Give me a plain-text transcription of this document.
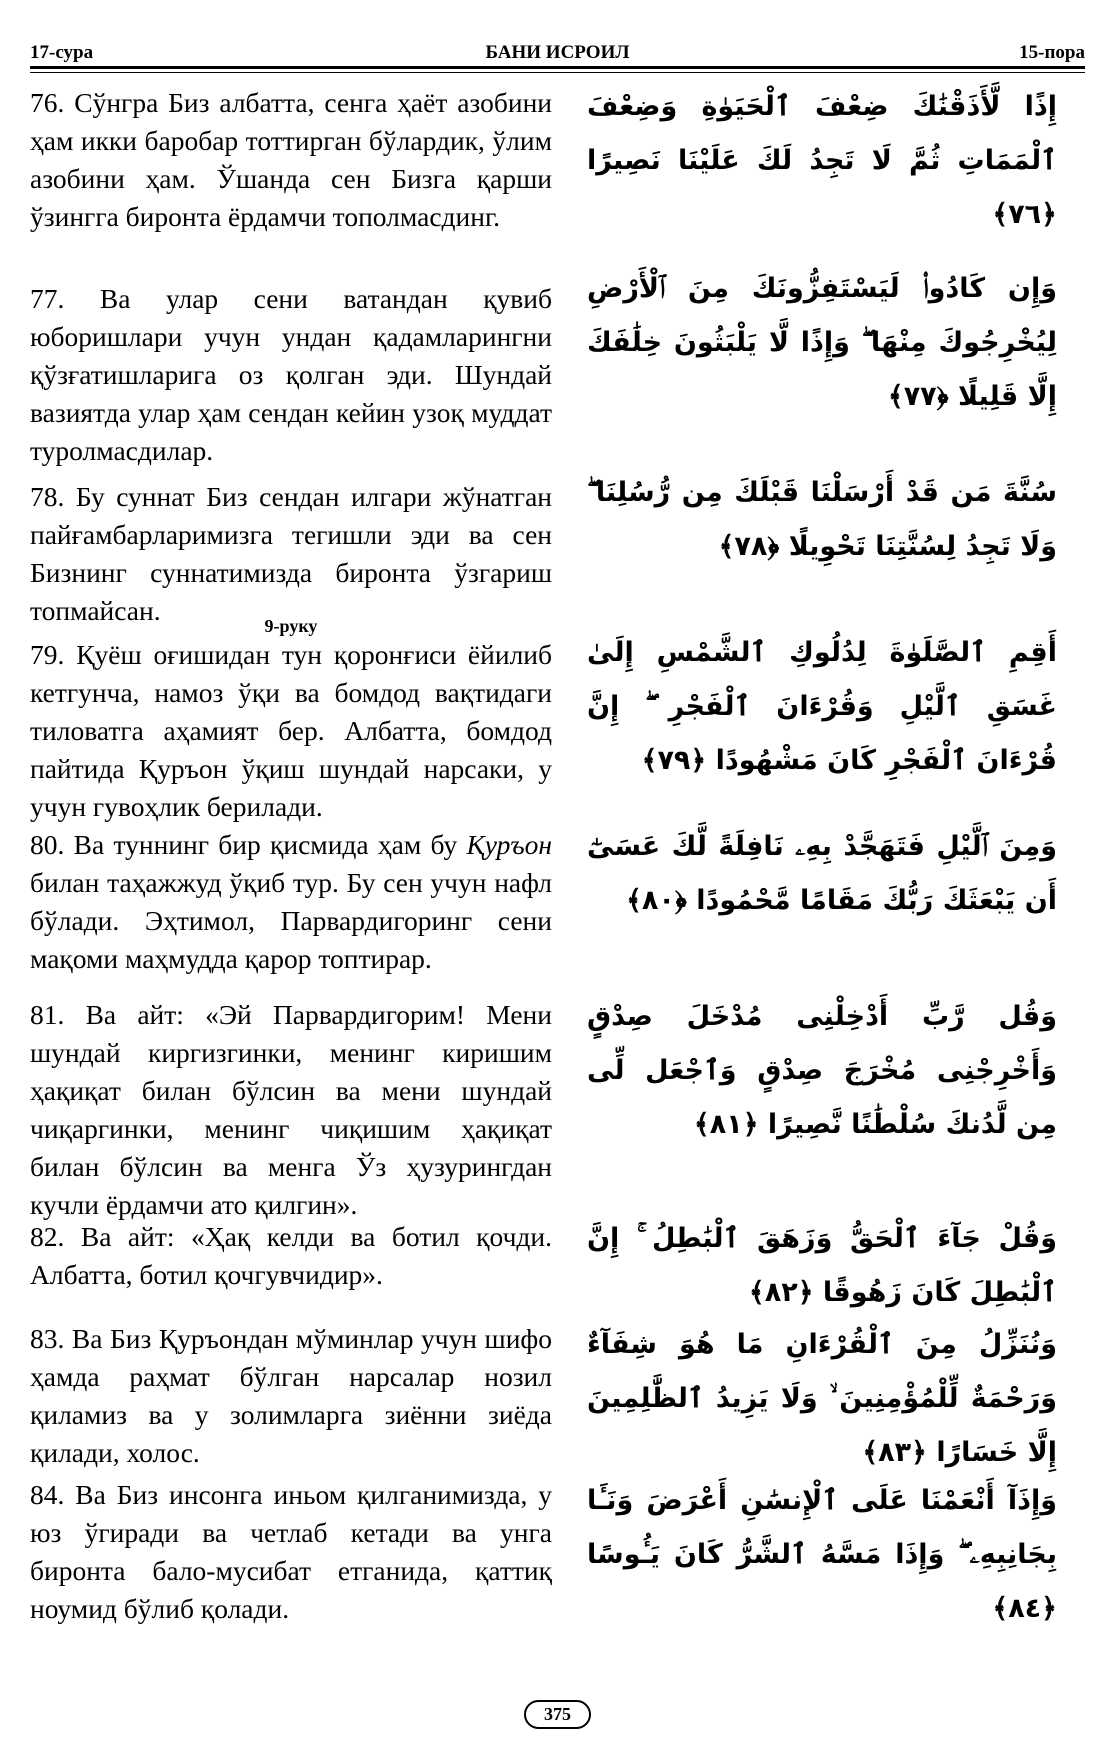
17-сура	БАНИ ИСРОИЛ	15-пора

76. Сўнгра Биз албатта, сенга ҳаёт азобини ҳам икки баробар тоттирган бўлардик, ўлим азобини ҳам. Ўшанда сен Бизга қарши ўзингга биронта ёрдамчи тополмасдинг.

إِذًا لَّأَذَقْنَٰكَ ضِعْفَ ٱلْحَيَوٰةِ وَضِعْفَ ٱلْمَمَاتِ ثُمَّ لَا تَجِدُ لَكَ عَلَيْنَا نَصِيرًا ﴿٧٦﴾

77. Ва улар сени ватандан қувиб юборишлари учун ундан қадамларингни қўзғатишларига оз қолган эди. Шундай вазиятда улар ҳам сендан кейин узоқ муддат туролмасдилар.

وَإِن كَادُوا۟ لَيَسْتَفِزُّونَكَ مِنَ ٱلْأَرْضِ لِيُخْرِجُوكَ مِنْهَا ۖ وَإِذًا لَّا يَلْبَثُونَ خِلَٰفَكَ إِلَّا قَلِيلًا ﴿٧٧﴾

78. Бу суннат Биз сендан илгари жўнатган пайғамбарларимизга тегишли эди ва сен Бизнинг суннатимизда биронта ўзгариш топмайсан.

سُنَّةَ مَن قَدْ أَرْسَلْنَا قَبْلَكَ مِن رُّسُلِنَا ۖ وَلَا تَجِدُ لِسُنَّتِنَا تَحْوِيلًا ﴿٧٨﴾

9-руку

79. Қуёш оғишидан тун қоронғиси ёйилиб кетгунча, намоз ўқи ва бомдод вақтидаги тиловатга аҳамият бер. Албатта, бомдод пайтида Қуръон ўқиш шундай нарсаки, у учун гувоҳлик берилади.

أَقِمِ ٱلصَّلَوٰةَ لِدُلُوكِ ٱلشَّمْسِ إِلَىٰ غَسَقِ ٱلَّيْلِ وَقُرْءَانَ ٱلْفَجْرِ ۖ إِنَّ قُرْءَانَ ٱلْفَجْرِ كَانَ مَشْهُودًا ﴿٧٩﴾

80. Ва туннинг бир қисмида ҳам бу Қуръон билан таҳажжуд ўқиб тур. Бу сен учун нафл бўлади. Эҳтимол, Парвардигоринг сени мақоми маҳмудда қарор топтирар.

وَمِنَ ٱلَّيْلِ فَتَهَجَّدْ بِهِۦ نَافِلَةً لَّكَ عَسَىٰٓ أَن يَبْعَثَكَ رَبُّكَ مَقَامًا مَّحْمُودًا ﴿٨٠﴾

81. Ва айт: «Эй Парвардигорим! Мени шундай киргизгинки, менинг киришим ҳақиқат билан бўлсин ва мени шундай чиқаргинки, менинг чиқишим ҳақиқат билан бўлсин ва менга Ўз ҳузурингдан кучли ёрдамчи ато қилгин».

وَقُل رَّبِّ أَدْخِلْنِى مُدْخَلَ صِدْقٍ وَأَخْرِجْنِى مُخْرَجَ صِدْقٍ وَٱجْعَل لِّى مِن لَّدُنكَ سُلْطَٰنًا نَّصِيرًا ﴿٨١﴾

82. Ва айт: «Ҳақ келди ва ботил қочди. Албатта, ботил қочгувчидир».

وَقُلْ جَآءَ ٱلْحَقُّ وَزَهَقَ ٱلْبَٰطِلُ ۚ إِنَّ ٱلْبَٰطِلَ كَانَ زَهُوقًا ﴿٨٢﴾

83. Ва Биз Қуръондан мўминлар учун шифо ҳамда раҳмат бўлган нарсалар нозил қиламиз ва у золимларга зиённи зиёда қилади, холос.

وَنُنَزِّلُ مِنَ ٱلْقُرْءَانِ مَا هُوَ شِفَآءٌ وَرَحْمَةٌ لِّلْمُؤْمِنِينَ ۙ وَلَا يَزِيدُ ٱلظَّٰلِمِينَ إِلَّا خَسَارًا ﴿٨٣﴾

84. Ва Биз инсонга иньом қилганимизда, у юз ўгиради ва четлаб кетади ва унга биронта бало-мусибат етганида, қаттиқ ноумид бўлиб қолади.

وَإِذَآ أَنْعَمْنَا عَلَى ٱلْإِنسَٰنِ أَعْرَضَ وَنَـَٔا بِجَانِبِهِۦ ۖ وَإِذَا مَسَّهُ ٱلشَّرُّ كَانَ يَـُٔوسًا ﴿٨٤﴾

375
